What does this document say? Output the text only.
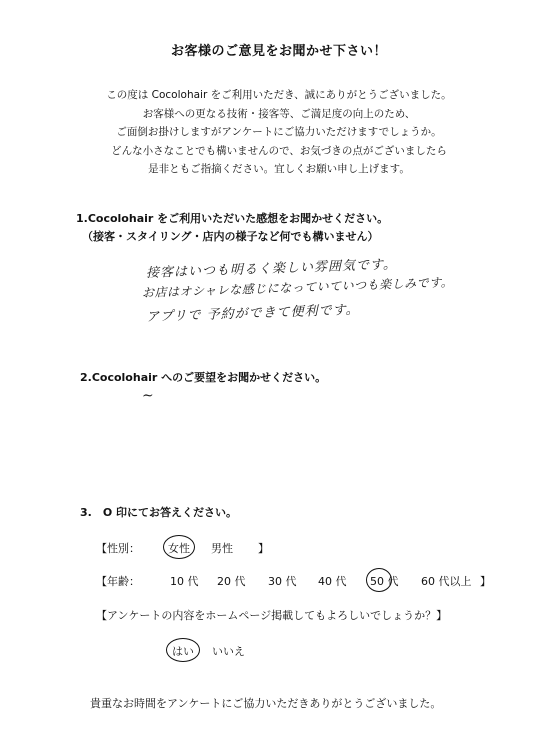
お客様のご意見をお聞かせ下さい！
この度は Cocolohair をご利用いただき、誠にありがとうございました。
お客様への更なる技術・接客等、ご満足度の向上のため、
ご面倒お掛けしますがアンケートにご協力いただけますでしょうか。
どんな小さなことでも構いませんので、お気づきの点がございましたら
是非ともご指摘ください。宜しくお願い申し上げます。
1.Cocolohair をご利用いただいた感想をお聞かせください。
（接客・スタイリング・店内の様子など何でも構いません）
接客はいつも明るく楽しい雰囲気です。
お店はオシャレな感じになっていていつも楽しみです。
アプリで 予約ができて便利です。
2.Cocolohair へのご要望をお聞かせください。
~
3.　O 印にてお答えください。
【性別：	女性 男性 】
【年齢：	10 代 20 代 30 代 40 代 50 代 60 代以上 】
【アンケートの内容をホームページ掲載してもよろしいでしょうか？】
はい いいえ
貴重なお時間をアンケートにご協力いただきありがとうございました。
